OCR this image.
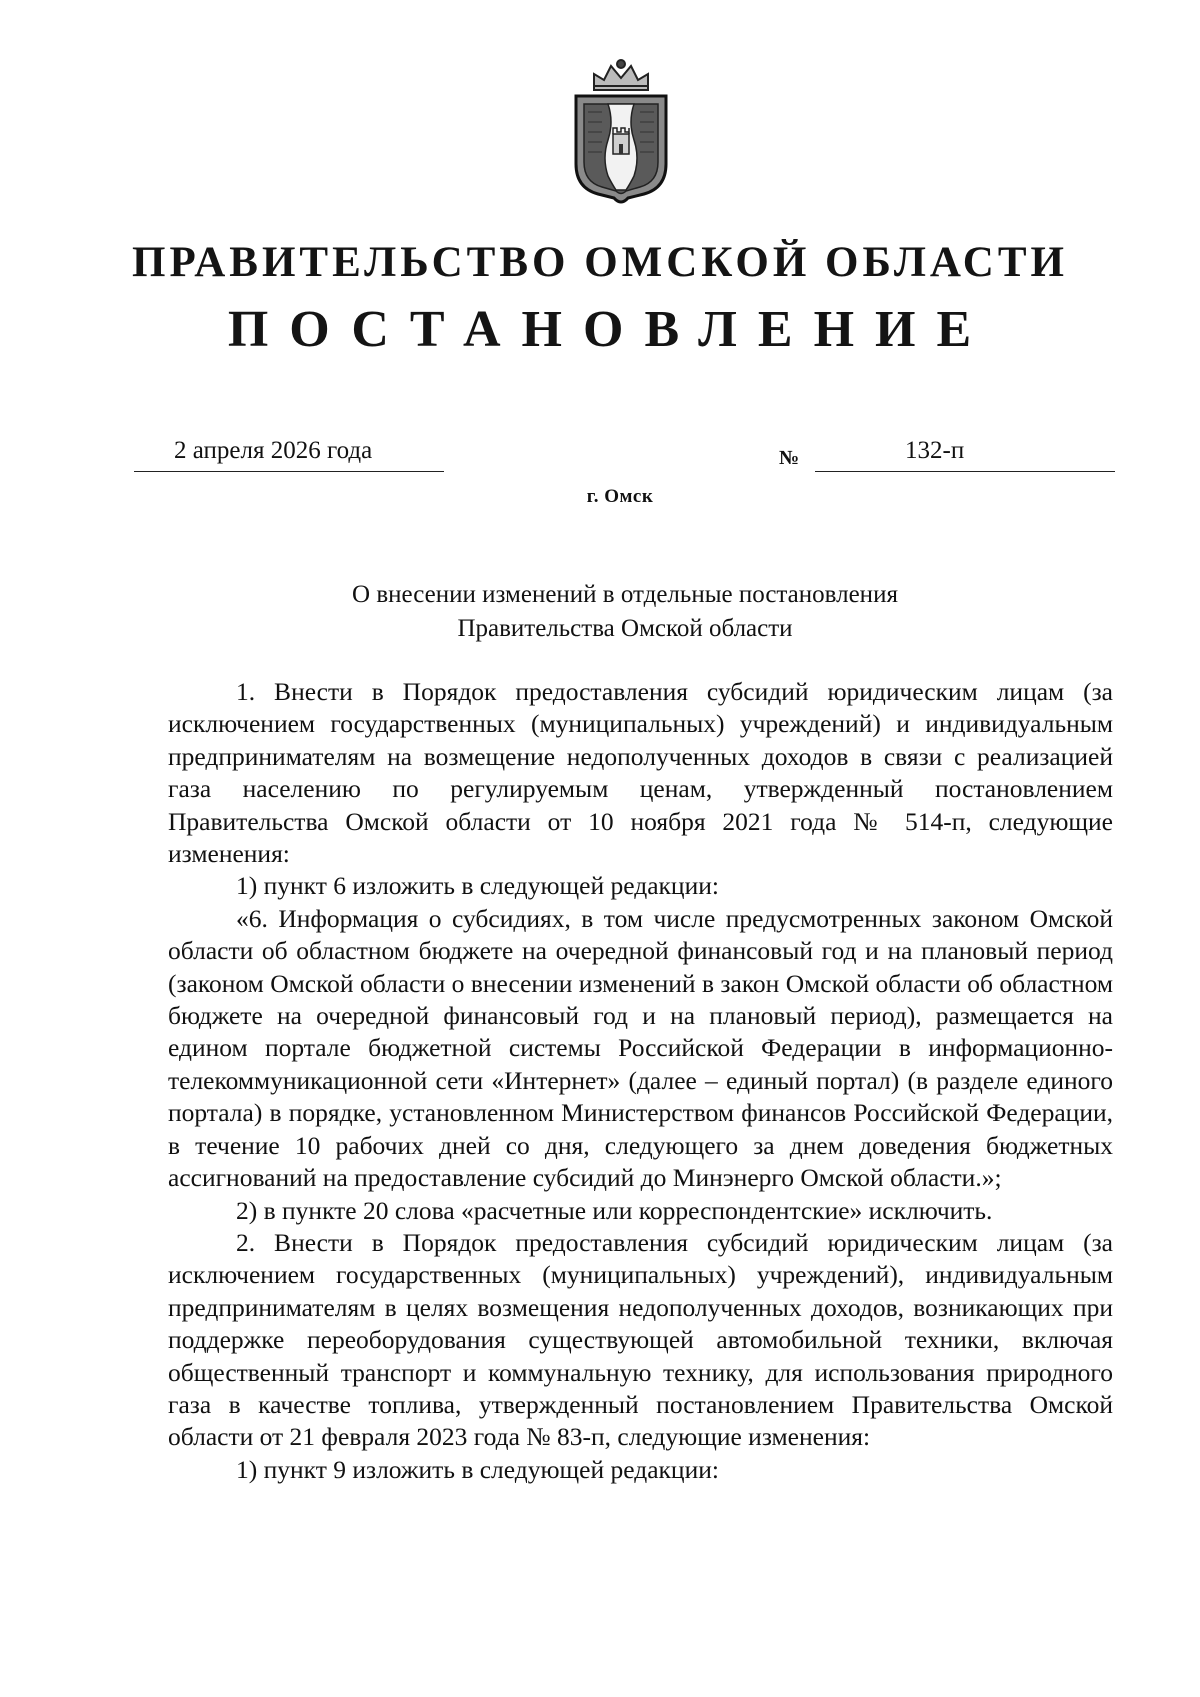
ПРАВИТЕЛЬСТВО ОМСКОЙ ОБЛАСТИ
ПОСТАНОВЛЕНИЕ
2 апреля 2026 года	№	132-п
г. Омск
О внесении изменений в отдельные постановления
Правительства Омской области

1. Внести в Порядок предоставления субсидий юридическим лицам (за исключением государственных (муниципальных) учреждений) и индивидуальным предпринимателям на возмещение недополученных доходов в связи с реализацией газа населению по регулируемым ценам, утвержденный постановлением Правительства Омской области от 10 ноября 2021 года № 514-п, следующие изменения:

1) пункт 6 изложить в следующей редакции:

«6. Информация о субсидиях, в том числе предусмотренных законом Омской области об областном бюджете на очередной финансовый год и на плановый период (законом Омской области о внесении изменений в закон Омской области об областном бюджете на очередной финансовый год и на плановый период), размещается на едином портале бюджетной системы Российской Федерации в информационно-телекоммуникационной сети «Интернет» (далее – единый портал) (в разделе единого портала) в порядке, установленном Министерством финансов Российской Федерации, в течение 10 рабочих дней со дня, следующего за днем доведения бюджетных ассигнований на предоставление субсидий до Минэнерго Омской области.»;

2) в пункте 20 слова «расчетные или корреспондентские» исключить.

2. Внести в Порядок предоставления субсидий юридическим лицам (за исключением государственных (муниципальных) учреждений), индивидуальным предпринимателям в целях возмещения недополученных доходов, возникающих при поддержке переоборудования существующей автомобильной техники, включая общественный транспорт и коммунальную технику, для использования природного газа в качестве топлива, утвержденный постановлением Правительства Омской области от 21 февраля 2023 года № 83-п, следующие изменения:

1) пункт 9 изложить в следующей редакции:
